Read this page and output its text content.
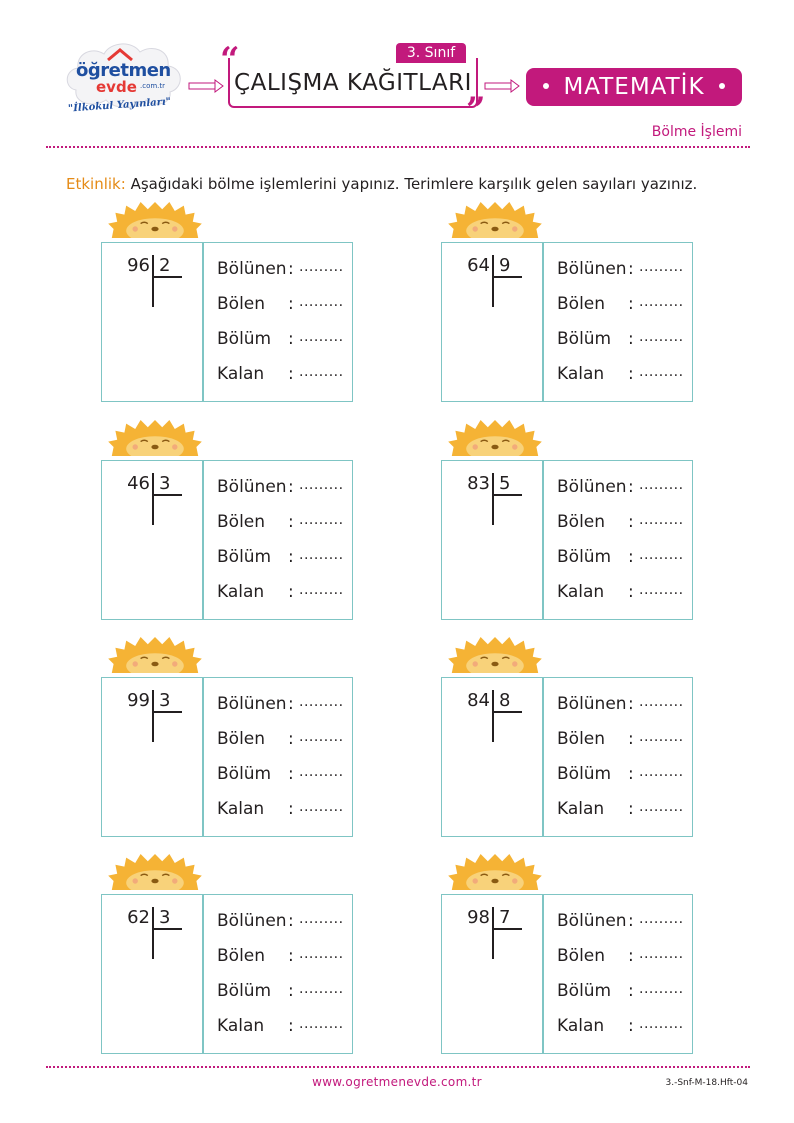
öğretmen
evde .com.tr
"İlkokul Yayınları"
3. Sınıf
“
”
ÇALIŞMA KAĞITLARI	MATEMATİK
Bölme İşlemi
Etkinlik: Aşağıdaki bölme işlemlerini yapınız. Terimlere karşılık gelen sayıları yazınız.
96 2	Bölünen : .........
Bölen : .........
Bölüm : .........
Kalan : .........
64 9	Bölünen : .........
Bölen : .........
Bölüm : .........
Kalan : .........
46 3	Bölünen : .........
Bölen : .........
Bölüm : .........
Kalan : .........
83 5	Bölünen : .........
Bölen : .........
Bölüm : .........
Kalan : .........
99 3	Bölünen : .........
Bölen : .........
Bölüm : .........
Kalan : .........
84 8	Bölünen : .........
Bölen : .........
Bölüm : .........
Kalan : .........
62 3	Bölünen : .........
Bölen : .........
Bölüm : .........
Kalan : .........
98 7	Bölünen : .........
Bölen : .........
Bölüm : .........
Kalan : .........
www.ogretmenevde.com.tr	3.-Snf-M-18.Hft-04
